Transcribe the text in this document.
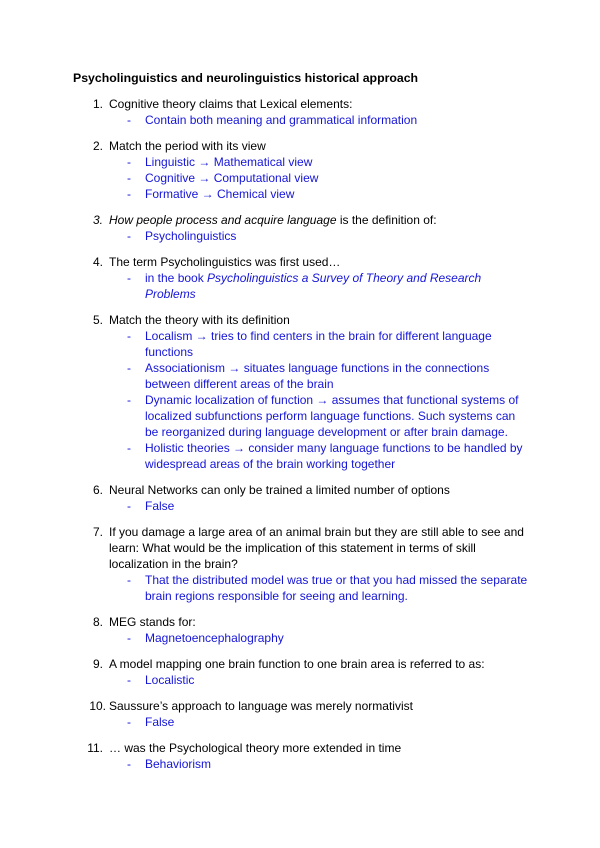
Psycholinguistics and neurolinguistics historical approach
1. Cognitive theory claims that Lexical elements:
- Contain both meaning and grammatical information
2. Match the period with its view
- Linguistic → Mathematical view
- Cognitive → Computational view
- Formative → Chemical view
3. How people process and acquire language is the definition of:
- Psycholinguistics
4. The term Psycholinguistics was first used…
- in the book Psycholinguistics a Survey of Theory and Research Problems
5. Match the theory with its definition
- Localism → tries to find centers in the brain for different language functions
- Associationism → situates language functions in the connections between different areas of the brain
- Dynamic localization of function → assumes that functional systems of localized subfunctions perform language functions. Such systems can be reorganized during language development or after brain damage.
- Holistic theories → consider many language functions to be handled by widespread areas of the brain working together
6. Neural Networks can only be trained a limited number of options
- False
7. If you damage a large area of an animal brain but they are still able to see and learn: What would be the implication of this statement in terms of skill localization in the brain?
- That the distributed model was true or that you had missed the separate brain regions responsible for seeing and learning.
8. MEG stands for:
- Magnetoencephalography
9. A model mapping one brain function to one brain area is referred to as:
- Localistic
10. Saussure’s approach to language was merely normativist
- False
11. … was the Psychological theory more extended in time
- Behaviorism
